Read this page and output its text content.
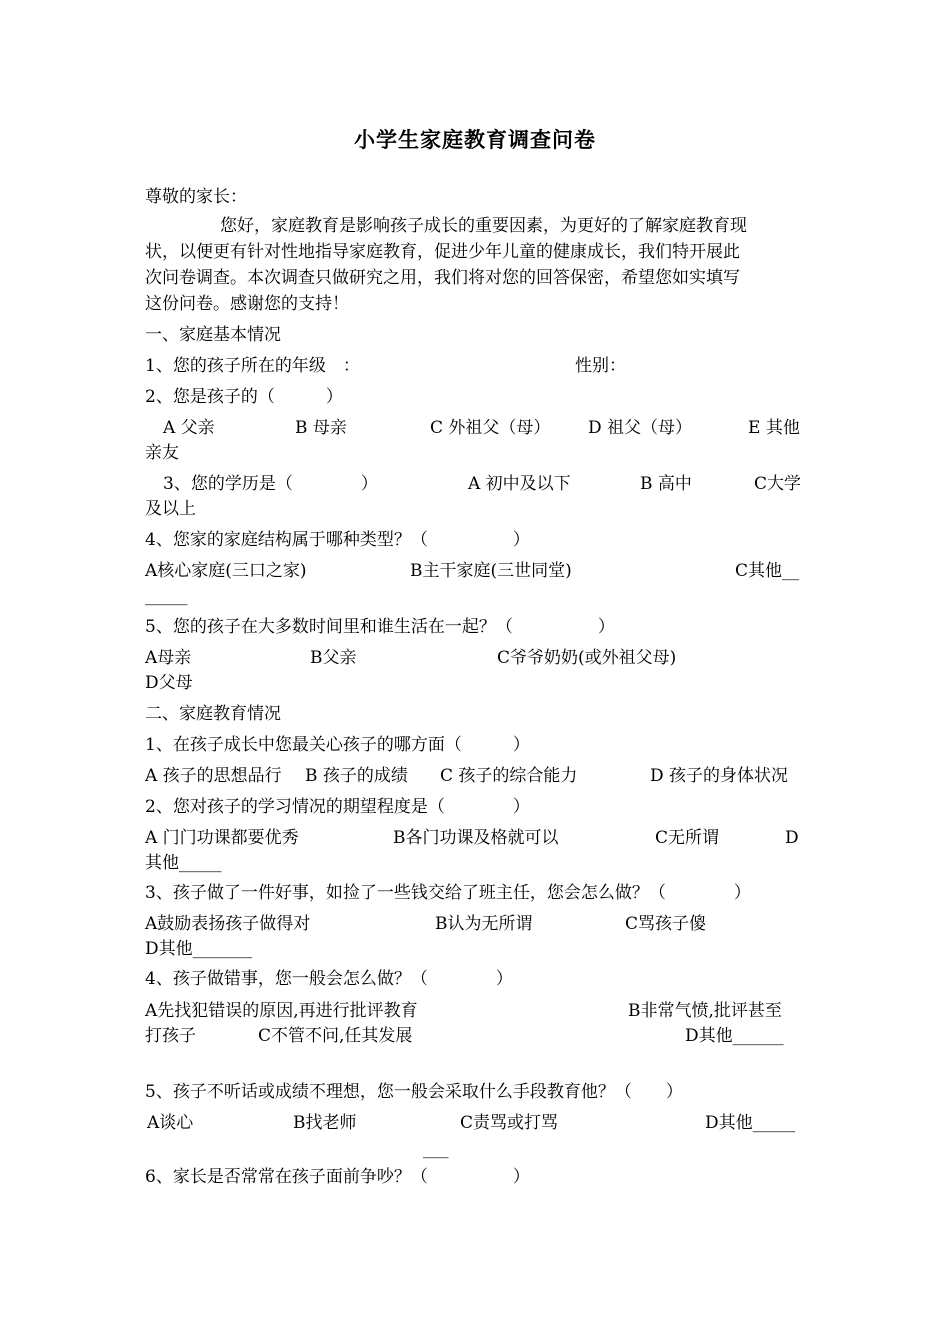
小学生家庭教育调查问卷
尊敬的家长：
您好，家庭教育是影响孩子成长的重要因素，为更好的了解家庭教育现
状，以便更有针对性地指导家庭教育，促进少年儿童的健康成长，我们特开展此
次问卷调查。本次调查只做研究之用，我们将对您的回答保密，希望您如实填写
这份问卷。感谢您的支持！
一、家庭基本情况
1、您的孩子所在的年级　：	性别：
2、您是孩子的（　　　）
A 父亲	B 母亲	C 外祖父（母） D 祖父（母）	E 其他
亲友
3、您的学历是（　　　　）	A 初中及以下	B 高中	C大学
及以上
4、您家的家庭结构属于哪种类型？（　　　　　）
A核心家庭(三口之家)	B主干家庭(三世同堂)	C其他__
_____
5、您的孩子在大多数时间里和谁生活在一起？（　　　　　）
A母亲	B父亲	C爷爷奶奶(或外祖父母)
D父母
二、家庭教育情况
1、在孩子成长中您最关心孩子的哪方面（　　　）
A 孩子的思想品行 B 孩子的成绩 C 孩子的综合能力	D 孩子的身体状况
2、您对孩子的学习情况的期望程度是（　　　　）
A 门门功课都要优秀	B各门功课及格就可以	C无所谓	D
其他_____
3、孩子做了一件好事，如捡了一些钱交给了班主任，您会怎么做？（　　　　）
A鼓励表扬孩子做得对	B认为无所谓	C骂孩子傻
D其他_______
4、孩子做错事，您一般会怎么做？（　　　　）
A先找犯错误的原因,再进行批评教育	B非常气愤,批评甚至
打孩子	C不管不问,任其发展	D其他______
5、孩子不听话或成绩不理想，您一般会采取什么手段教育他？（　　）
A谈心	B找老师	C责骂或打骂	D其他_____
___
6、家长是否常常在孩子面前争吵？（　　　　　）
